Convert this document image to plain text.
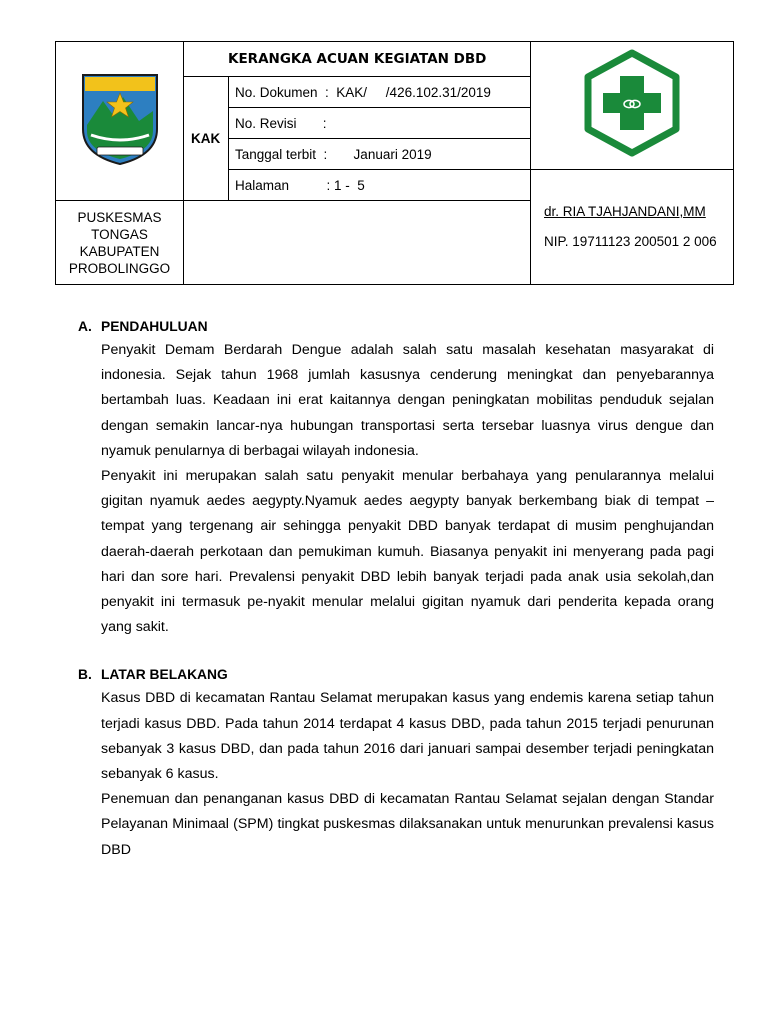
	KERANGKA ACUAN KEGIATAN DBD	
	KAK	No. Dokumen  :  KAK/     /426.102.31/2019	
		No. Revisi       :	
		Tanggal terbit  :       Januari 2019	
		Halaman          : 1 -  5	dr. RIA TJAHJANDANI,MM
NIP. 19711123 200501 2 006

PUSKESMAS
TONGAS
KABUPATEN
PROBOLINGGO			

A. PENDAHULUAN

Penyakit Demam Berdarah Dengue adalah salah satu masalah kesehatan masyarakat di indonesia. Sejak tahun 1968 jumlah kasusnya cenderung meningkat dan penyebarannya bertambah luas. Keadaan ini erat kaitannya dengan peningkatan mobilitas penduduk sejalan dengan semakin lancar-nya hubungan transportasi serta tersebar luasnya virus dengue dan nyamuk penularnya di berbagai wilayah indonesia.

Penyakit ini merupakan salah satu penyakit menular berbahaya yang penularannya melalui gigitan nyamuk aedes aegypty.Nyamuk aedes aegypty banyak berkembang biak di tempat – tempat yang tergenang air sehingga penyakit DBD banyak terdapat di musim penghujandan daerah-daerah perkotaan dan pemukiman kumuh. Biasanya penyakit ini menyerang pada pagi hari dan sore hari. Prevalensi penyakit DBD lebih banyak terjadi pada anak usia sekolah,dan penyakit ini termasuk pe-nyakit menular melalui gigitan nyamuk dari penderita kepada orang yang sakit.

B. LATAR BELAKANG

Kasus DBD di kecamatan Rantau Selamat merupakan kasus yang endemis karena setiap tahun terjadi kasus DBD. Pada tahun 2014 terdapat 4 kasus DBD, pada tahun 2015 terjadi penurunan sebanyak 3 kasus DBD, dan pada tahun 2016 dari januari sampai desember terjadi peningkatan sebanyak 6 kasus.

Penemuan dan penanganan kasus DBD di kecamatan Rantau Selamat sejalan dengan Standar Pelayanan Minimaal (SPM) tingkat puskesmas dilaksanakan untuk menurunkan prevalensi kasus DBD
